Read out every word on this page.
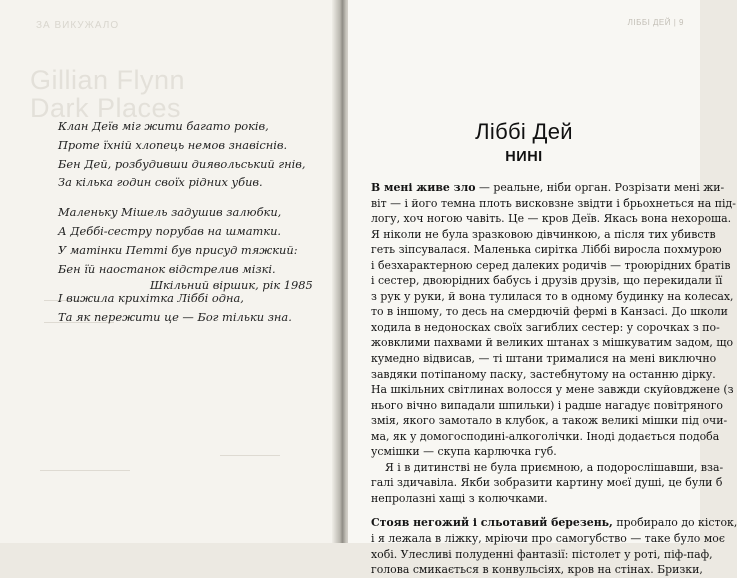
ЗА ВИКУЖАЛО
Gillian Flynn
Dark Places
Клан Деїв міг жити багато років,
Проте їхній хлопець немов знавіснів.
Бен Дей, розбудивши диявольський гнів,
За кілька годин своїх рідних убив.
Маленьку Мішель задушив залюбки,
А Деббі-сестру порубав на шматки.
У матінки Петті був присуд тяжкий:
Бен їй наостанок відстрелив мізкі.
І вижила крихітка Ліббі одна,
Та як пережити це — Бог тільки зна.
Шкільний віршик, рік 1985
ЛІББІ ДЕЙ | 9
Ліббі Дей
НИНІ

В мені живе зло — реальне, ніби орган. Розрізати мені жи-
віт — і його темна плоть висковзне звідти і брьохнеться на під-
логу, хоч ногою чавіть. Це — кров Деїв. Якась вона нехороша.
Я ніколи не була зразковою дівчинкою, а після тих убивств
геть зіпсувалася. Маленька сирітка Ліббі виросла похмурою
і безхарактерною серед далеких родичів — троюрідних братів
і сестер, двоюрідних бабусь і друзів друзів, що перекидали її
з рук у руки, й вона тулилася то в одному будинку на колесах,
то в іншому, то десь на смердючій фермі в Канзасі. До школи
ходила в недоносках своїх загиблих сестер: у сорочках з по-
жовклими пахвами й великих штанах з мішкуватим задом, що
кумедно відвисав, — ті штани трималися на мені виключно
завдяки потіпаному паску, застебнутому на останню дірку.
На шкільних світлинах волосся у мене завжди скуйовджене (з
нього вічно випадали шпильки) і радше нагадує повітряного
змія, якого замотало в клубок, а також великі мішки під очи-
ма, як у домогосподині-алкоголічки. Іноді додається подоба
усмішки — скупа карлючка губ.

Я і в дитинстві не була приємною, а подорослішавши, вза-
галі здичавіла. Якби зобразити картину моєї душі, це були б
непролазні хащі з колючками.

Стояв негожий і сльотавий березень, пробирало до кісток,
і я лежала в ліжку, мріючи про самогубство — таке було моє
хобі. Улесливі полуденні фантазії: пістолет у роті, піф-паф,
голова смикається в конвульсіях, кров на стінах. Бризки,
